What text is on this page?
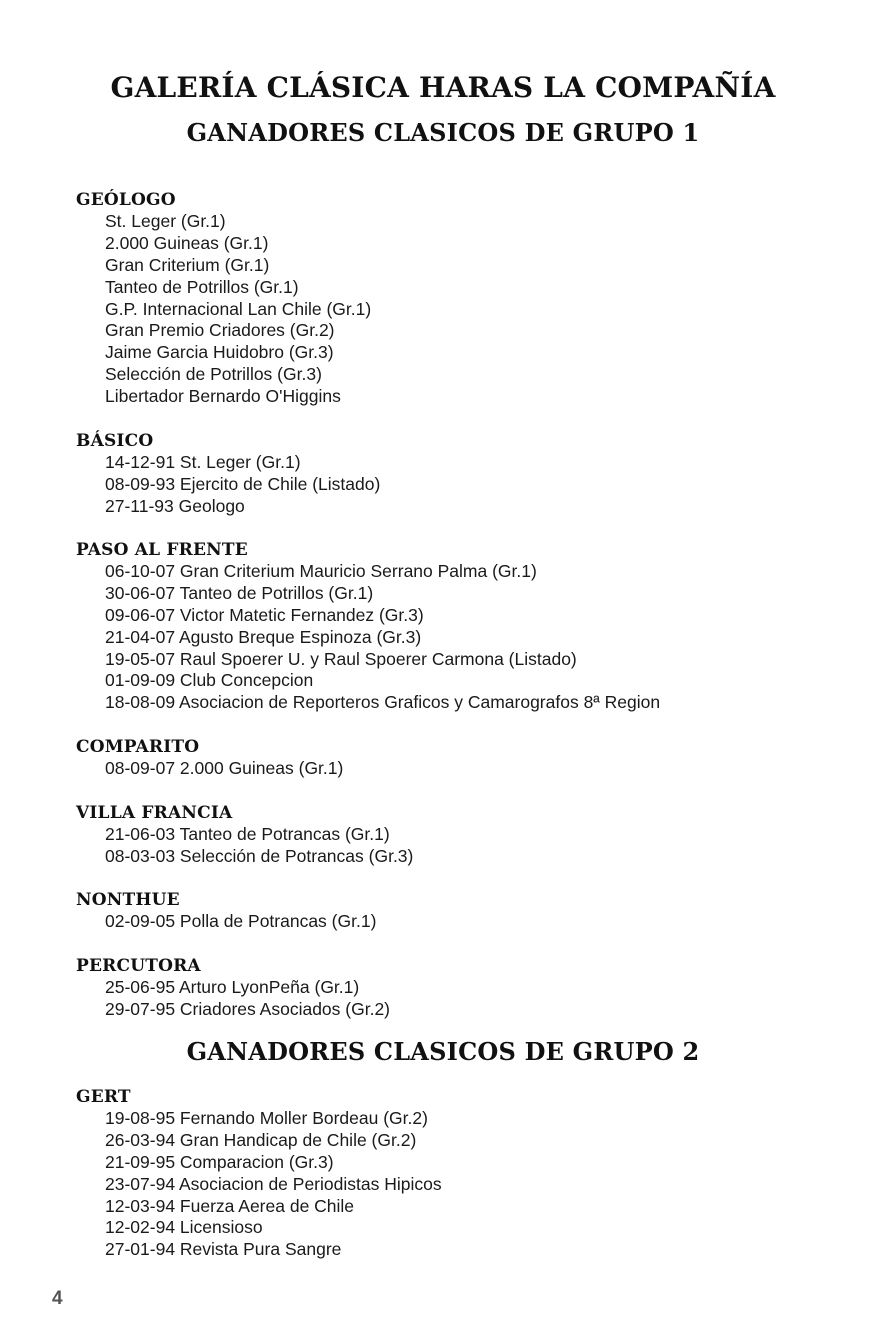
GALERÍA CLÁSICA HARAS LA COMPAÑÍA
GANADORES CLASICOS DE GRUPO 1
GEÓLOGO
St. Leger (Gr.1)
2.000 Guineas (Gr.1)
Gran Criterium (Gr.1)
Tanteo de Potrillos (Gr.1)
G.P. Internacional Lan Chile (Gr.1)
Gran Premio Criadores (Gr.2)
Jaime Garcia Huidobro (Gr.3)
Selección de Potrillos (Gr.3)
Libertador Bernardo O'Higgins
BÁSICO
14-12-91 St. Leger (Gr.1)
08-09-93 Ejercito de Chile (Listado)
27-11-93 Geologo
PASO AL FRENTE
06-10-07 Gran Criterium Mauricio Serrano Palma (Gr.1)
30-06-07 Tanteo de Potrillos (Gr.1)
09-06-07 Victor Matetic Fernandez (Gr.3)
21-04-07 Agusto Breque Espinoza (Gr.3)
19-05-07 Raul Spoerer U. y Raul Spoerer Carmona (Listado)
01-09-09 Club Concepcion
18-08-09 Asociacion de Reporteros Graficos y Camarografos 8ª Region
COMPARITO
08-09-07 2.000 Guineas (Gr.1)
VILLA FRANCIA
21-06-03 Tanteo de Potrancas (Gr.1)
08-03-03 Selección de Potrancas (Gr.3)
NONTHUE
02-09-05 Polla de Potrancas (Gr.1)
PERCUTORA
25-06-95 Arturo LyonPeña (Gr.1)
29-07-95 Criadores Asociados (Gr.2)
GANADORES CLASICOS DE GRUPO 2
GERT
19-08-95 Fernando Moller Bordeau (Gr.2)
26-03-94 Gran Handicap de Chile (Gr.2)
21-09-95 Comparacion (Gr.3)
23-07-94 Asociacion de Periodistas Hipicos
12-03-94 Fuerza Aerea de Chile
12-02-94 Licensioso
27-01-94 Revista Pura Sangre
4
